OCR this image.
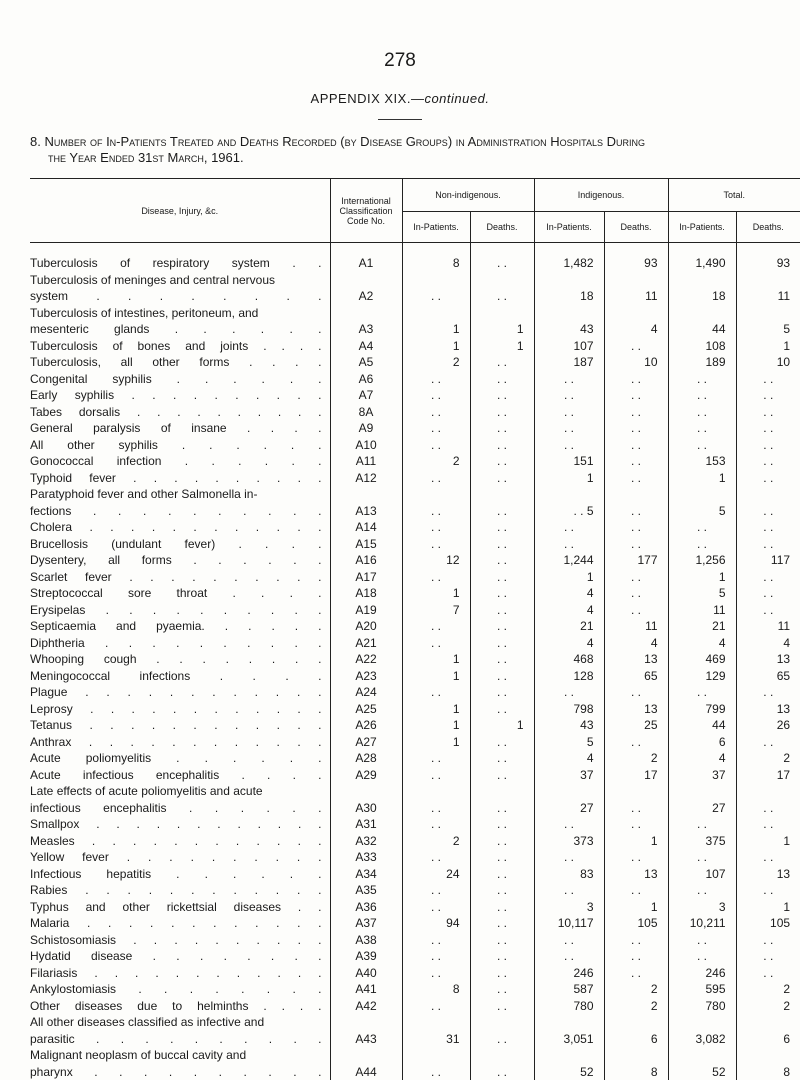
278
APPENDIX XIX.—continued.
8. Number of In-Patients Treated and Deaths Recorded (by Disease Groups) in Administration Hospitals During
the Year Ended 31st March, 1961.
Disease, Injury, &c.	International Classification Code No.	Non-indigenous.		Indigenous.		Total.	
		In-Patients.	Deaths.	In-Patients.	Deaths.	In-Patients.	Deaths.

Tuberculosis of respiratory system . .	A1	8	. .	1,482	93	1,490	93
Tuberculosis of meninges and central nervous							
system . . . . . . . .	A2	. .	. .	18	11	18	11
Tuberculosis of intestines, peritoneum, and							
mesenteric glands . . . . . .	A3	1	1	43	4	44	5
Tuberculosis of bones and joints . . . .	A4	1	1	107	. .	108	1
Tuberculosis, all other forms . . . .	A5	2	. .	187	10	189	10
Congenital syphilis . . . . . .	A6	. .	. .	. .	. .	. .	. .
Early syphilis . . . . . . . . . .	A7	. .	. .	. .	. .	. .	. .
Tabes dorsalis . . . . . . . . . .	8A	. .	. .	. .	. .	. .	. .
General paralysis of insane . . . .	A9	. .	. .	. .	. .	. .	. .
All other syphilis . . . . . .	A10	. .	. .	. .	. .	. .	. .
Gonococcal infection . . . . . .	A11	2	. .	151	. .	153	. .
Typhoid fever . . . . . . . . . .	A12	. .	. .	1	. .	1	. .
Paratyphoid fever and other Salmonella in-							
fections . . . . . . . . . .	A13	. .	. .	. . 5	. .	5	. .
Cholera . . . . . . . . . . . .	A14	. .	. .	. .	. .	. .	. .
Brucellosis (undulant fever) . . . .	A15	. .	. .	. .	. .	. .	. .
Dysentery, all forms . . . . . .	A16	12	. .	1,244	177	1,256	117
Scarlet fever . . . . . . . . . .	A17	. .	. .	1	. .	1	. .
Streptococcal sore throat . . . .	A18	1	. .	4	. .	5	. .
Erysipelas . . . . . . . . . .	A19	7	. .	4	. .	11	. .
Septicaemia and pyaemia. . . . . .	A20	. .	. .	21	11	21	11
Diphtheria . . . . . . . . . .	A21	. .	. .	4	4	4	4
Whooping cough . . . . . . . .	A22	1	. .	468	13	469	13
Meningococcal infections . . . .	A23	1	. .	128	65	129	65
Plague . . . . . . . . . . . .	A24	. .	. .	. .	. .	. .	. .
Leprosy . . . . . . . . . . . .	A25	1	. .	798	13	799	13
Tetanus . . . . . . . . . . . .	A26	1	1	43	25	44	26
Anthrax . . . . . . . . . . . .	A27	1	. .	5	. .	6	. .
Acute poliomyelitis . . . . . .	A28	. .	. .	4	2	4	2
Acute infectious encephalitis . . . .	A29	. .	. .	37	17	37	17
Late effects of acute poliomyelitis and acute							
infectious encephalitis . . . . . .	A30	. .	. .	27	. .	27	. .
Smallpox . . . . . . . . . . . .	A31	. .	. .	. .	. .	. .	. .
Measles . . . . . . . . . . . .	A32	2	. .	373	1	375	1
Yellow fever . . . . . . . . . .	A33	. .	. .	. .	. .	. .	. .
Infectious hepatitis . . . . . .	A34	24	. .	83	13	107	13
Rabies . . . . . . . . . . . .	A35	. .	. .	. .	. .	. .	. .
Typhus and other rickettsial diseases . .	A36	. .	. .	3	1	3	1
Malaria . . . . . . . . . . . .	A37	94	. .	10,117	105	10,211	105
Schistosomiasis . . . . . . . . . .	A38	. .	. .	. .	. .	. .	. .
Hydatid disease . . . . . . . .	A39	. .	. .	. .	. .	. .	. .
Filariasis . . . . . . . . . . . .	A40	. .	. .	246	. .	246	. .
Ankylostomiasis . . . . . . . .	A41	8	. .	587	2	595	2
Other diseases due to helminths . . . .	A42	. .	. .	780	2	780	2
All other diseases classified as infective and							
parasitic . . . . . . . . . .	A43	31	. .	3,051	6	3,082	6
Malignant neoplasm of buccal cavity and							
pharynx . . . . . . . . . .	A44	. .	. .	52	8	52	8
